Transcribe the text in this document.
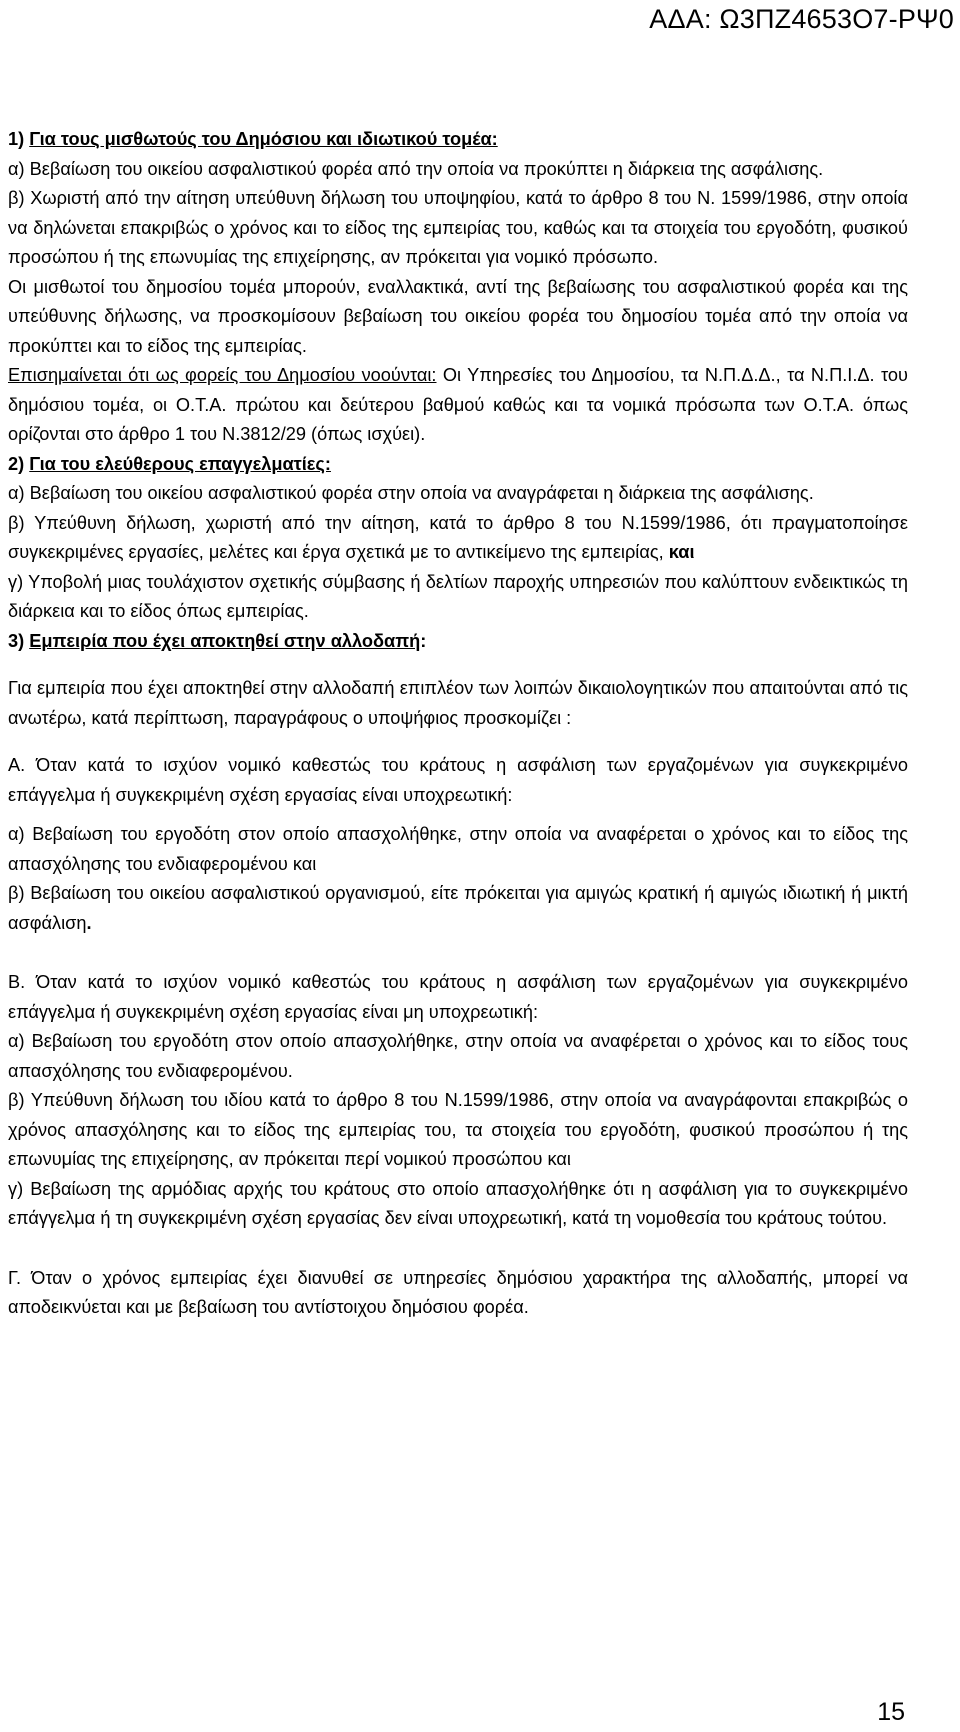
ΑΔΑ: Ω3ΠΖ4653Ο7-ΡΨ0

1) Για τους μισθωτούς του Δημόσιου και ιδιωτικού τομέα:

α) Βεβαίωση του οικείου ασφαλιστικού φορέα από την οποία να προκύπτει η διάρκεια της ασφάλισης.

β) Χωριστή από την αίτηση υπεύθυνη δήλωση του υποψηφίου, κατά το άρθρο 8 του Ν. 1599/1986, στην οποία να δηλώνεται επακριβώς ο χρόνος και το είδος της εμπειρίας του, καθώς και τα στοιχεία του εργοδότη, φυσικού προσώπου ή της επωνυμίας της επιχείρησης, αν πρόκειται για νομικό πρόσωπο.

Οι μισθωτοί του δημοσίου τομέα μπορούν, εναλλακτικά, αντί της βεβαίωσης του ασφαλιστικού φορέα και της υπεύθυνης δήλωσης, να προσκομίσουν βεβαίωση του οικείου φορέα του δημοσίου τομέα από την οποία να προκύπτει και το είδος της εμπειρίας.

Επισημαίνεται ότι ως φορείς του Δημοσίου νοούνται: Οι Υπηρεσίες του Δημοσίου, τα Ν.Π.Δ.Δ., τα Ν.Π.Ι.Δ. του δημόσιου τομέα, οι Ο.Τ.Α. πρώτου και δεύτερου βαθμού καθώς και τα νομικά πρόσωπα των Ο.Τ.Α. όπως ορίζονται στο άρθρο 1 του Ν.3812/29 (όπως ισχύει).

2) Για του ελεύθερους επαγγελματίες:

α) Βεβαίωση του οικείου ασφαλιστικού φορέα στην οποία να αναγράφεται η διάρκεια της ασφάλισης.

β) Υπεύθυνη δήλωση, χωριστή από την αίτηση, κατά το άρθρο 8 του Ν.1599/1986, ότι πραγματοποίησε συγκεκριμένες εργασίες, μελέτες και έργα σχετικά με το αντικείμενο της εμπειρίας, και

γ) Υποβολή μιας τουλάχιστον σχετικής σύμβασης ή δελτίων παροχής υπηρεσιών που καλύπτουν ενδεικτικώς τη διάρκεια και το είδος όπως εμπειρίας.

3) Εμπειρία που έχει αποκτηθεί στην αλλοδαπή:

Για εμπειρία που έχει αποκτηθεί στην αλλοδαπή επιπλέον των λοιπών δικαιολογητικών που απαιτούνται από τις ανωτέρω, κατά περίπτωση, παραγράφους ο υποψήφιος προσκομίζει :

Α. Όταν κατά το ισχύον νομικό καθεστώς του κράτους η ασφάλιση των εργαζομένων για συγκεκριμένο επάγγελμα ή συγκεκριμένη σχέση εργασίας είναι υποχρεωτική:

α) Βεβαίωση του εργοδότη στον οποίο απασχολήθηκε, στην οποία να αναφέρεται ο χρόνος και το είδος της απασχόλησης του ενδιαφερομένου και

β) Βεβαίωση του οικείου ασφαλιστικού οργανισμού, είτε πρόκειται για αμιγώς κρατική ή αμιγώς ιδιωτική ή μικτή ασφάλιση.

Β. Όταν κατά το ισχύον νομικό καθεστώς του κράτους η ασφάλιση των εργαζομένων για συγκεκριμένο επάγγελμα ή συγκεκριμένη σχέση εργασίας είναι μη υποχρεωτική:

α) Βεβαίωση του εργοδότη στον οποίο απασχολήθηκε, στην οποία να αναφέρεται ο χρόνος και το είδος τους απασχόλησης του ενδιαφερομένου.

β) Υπεύθυνη δήλωση του ιδίου κατά το άρθρο 8 του Ν.1599/1986, στην οποία να αναγράφονται επακριβώς ο χρόνος απασχόλησης και το είδος της εμπειρίας του, τα στοιχεία του εργοδότη, φυσικού προσώπου ή της επωνυμίας της επιχείρησης, αν πρόκειται περί νομικού προσώπου και

γ) Βεβαίωση της αρμόδιας αρχής του κράτους στο οποίο απασχολήθηκε ότι η ασφάλιση για το συγκεκριμένο επάγγελμα ή τη συγκεκριμένη σχέση εργασίας δεν είναι υποχρεωτική, κατά τη νομοθεσία του κράτους τούτου.

Γ. Όταν ο χρόνος εμπειρίας έχει διανυθεί σε υπηρεσίες δημόσιου χαρακτήρα της αλλοδαπής, μπορεί να αποδεικνύεται και με βεβαίωση του αντίστοιχου δημόσιου φορέα.

15
